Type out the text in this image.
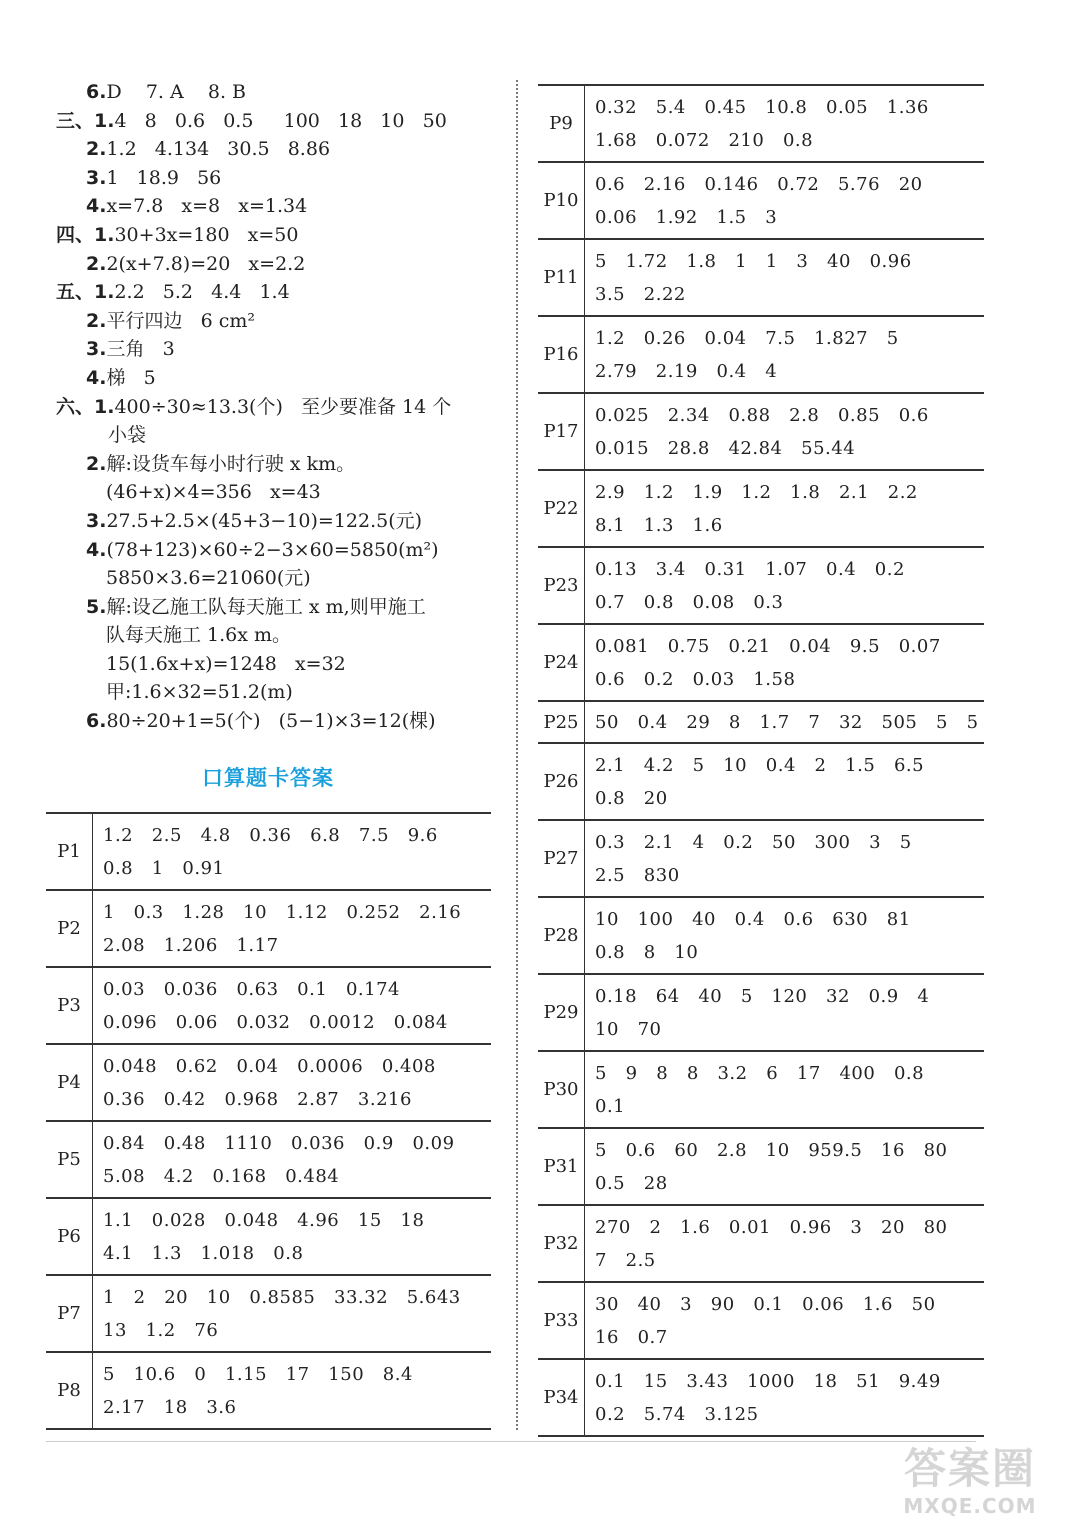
6.D    7. A    8. B
三、1.4   8   0.6   0.5     100   18   10   50
2.1.2   4.134   30.5   8.86
3.1   18.9   56
4.x=7.8   x=8   x=1.34
四、1.30+3x=180   x=50
2.2(x+7.8)=20   x=2.2
五、1.2.2   5.2   4.4   1.4
2.平行四边   6 cm²
3.三角   3
4.梯   5
六、1.400÷30≈13.3(个)   至少要准备 14 个
小袋
2.解:设货车每小时行驶 x km。
(46+x)×4=356   x=43
3.27.5+2.5×(45+3−10)=122.5(元)
4.(78+123)×60÷2−3×60=5850(m²)
5850×3.6=21060(元)
5.解:设乙施工队每天施工 x m,则甲施工
队每天施工 1.6x m。
15(1.6x+x)=1248   x=32
甲:1.6×32=51.2(m)
6.80÷20+1=5(个)   (5−1)×3=12(棵)
口算题卡答案
P1	1.2   2.5   4.8   0.36   6.8   7.5   9.6
0.8   1   0.91

P2	1   0.3   1.28   10   1.12   0.252   2.16
2.08   1.206   1.17

P3	0.03   0.036   0.63   0.1   0.174
0.096   0.06   0.032   0.0012   0.084

P4	0.048   0.62   0.04   0.0006   0.408
0.36   0.42   0.968   2.87   3.216

P5	0.84   0.48   1110   0.036   0.9   0.09
5.08   4.2   0.168   0.484

P6	1.1   0.028   0.048   4.96   15   18
4.1   1.3   1.018   0.8

P7	1   2   20   10   0.8585   33.32   5.643
13   1.2   76

P8	5   10.6   0   1.15   17   150   8.4
2.17   18   3.6
P9	0.32   5.4   0.45   10.8   0.05   1.36
1.68   0.072   210   0.8

P10	0.6   2.16   0.146   0.72   5.76   20
0.06   1.92   1.5   3

P11	5   1.72   1.8   1   1   3   40   0.96
3.5   2.22

P16	1.2   0.26   0.04   7.5   1.827   5
2.79   2.19   0.4   4

P17	0.025   2.34   0.88   2.8   0.85   0.6
0.015   28.8   42.84   55.44

P22	2.9   1.2   1.9   1.2   1.8   2.1   2.2
8.1   1.3   1.6

P23	0.13   3.4   0.31   1.07   0.4   0.2
0.7   0.8   0.08   0.3

P24	0.081   0.75   0.21   0.04   9.5   0.07
0.6   0.2   0.03   1.58

P25	50   0.4   29   8   1.7   7   32   505   5   5

P26	2.1   4.2   5   10   0.4   2   1.5   6.5
0.8   20

P27	0.3   2.1   4   0.2   50   300   3   5
2.5   830

P28	10   100   40   0.4   0.6   630   81
0.8   8   10

P29	0.18   64   40   5   120   32   0.9   4
10   70

P30	5   9   8   8   3.2   6   17   400   0.8
0.1

P31	5   0.6   60   2.8   10   959.5   16   80
0.5   28

P32	270   2   1.6   0.01   0.96   3   20   80
7   2.5

P33	30   40   3   90   0.1   0.06   1.6   50
16   0.7

P34	0.1   15   3.43   1000   18   51   9.49
0.2   5.74   3.125
答案圈
MXQE.COM
